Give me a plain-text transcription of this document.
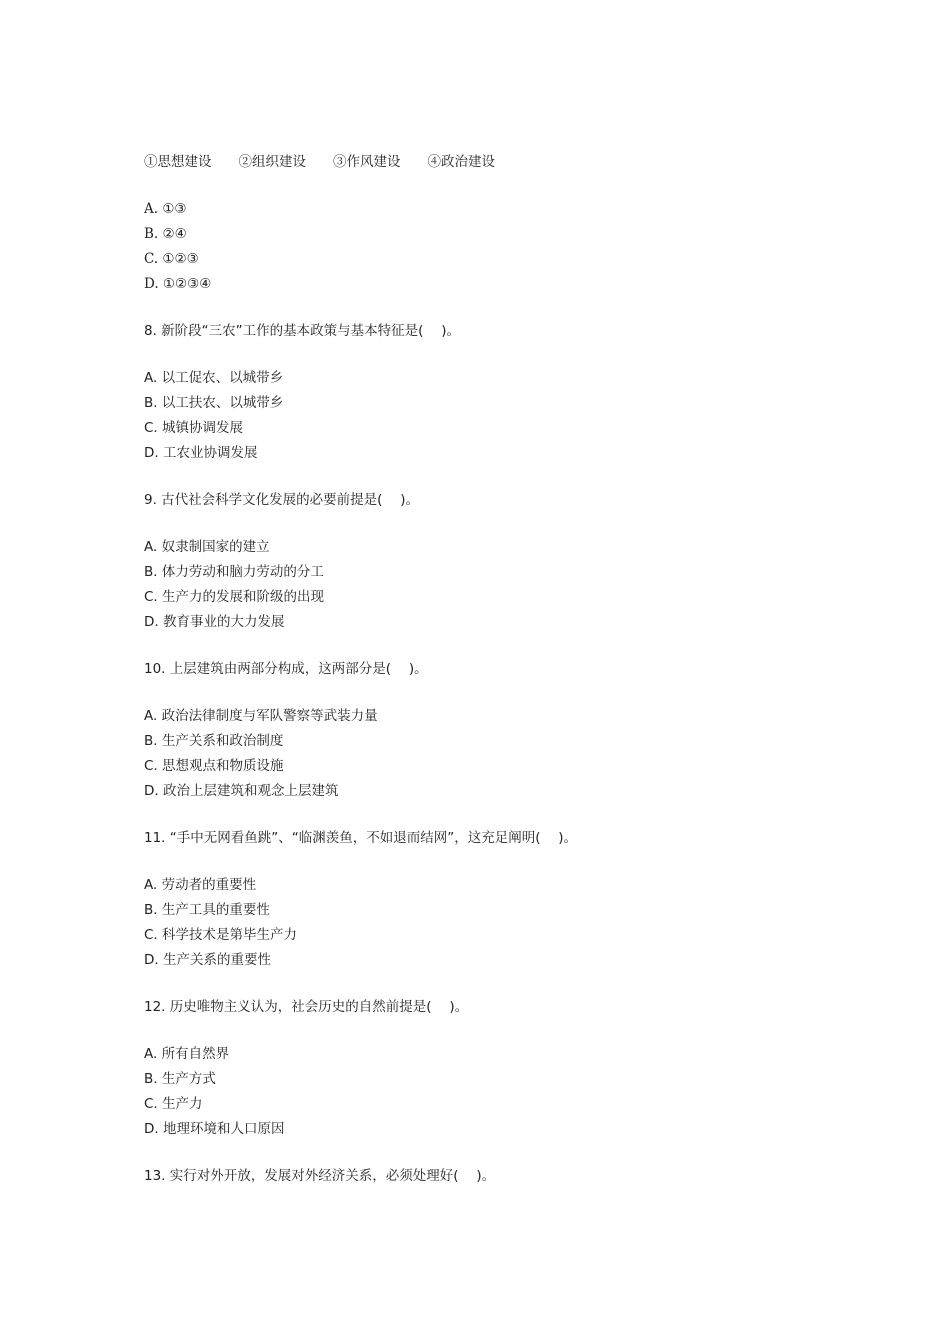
①思想建设　　②组织建设　　③作风建设　　④政治建设

A. ①③

B. ②④

C. ①②③

D. ①②③④

8. 新阶段“三农”工作的基本政策与基本特征是(　 )。

A. 以工促农、以城带乡

B. 以工扶农、以城带乡

C. 城镇协调发展

D. 工农业协调发展

9. 古代社会科学文化发展的必要前提是(　 )。

A. 奴隶制国家的建立

B. 体力劳动和脑力劳动的分工

C. 生产力的发展和阶级的出现

D. 教育事业的大力发展

10. 上层建筑由两部分构成，这两部分是(　 )。

A. 政治法律制度与军队警察等武装力量

B. 生产关系和政治制度

C. 思想观点和物质设施

D. 政治上层建筑和观念上层建筑

11. “手中无网看鱼跳”、“临渊羡鱼，不如退而结网”，这充足阐明(　 )。

A. 劳动者的重要性

B. 生产工具的重要性

C. 科学技术是第毕生产力

D. 生产关系的重要性

12. 历史唯物主义认为，社会历史的自然前提是(　 )。

A. 所有自然界

B. 生产方式

C. 生产力

D. 地理环境和人口原因

13. 实行对外开放，发展对外经济关系，必须处理好(　 )。
